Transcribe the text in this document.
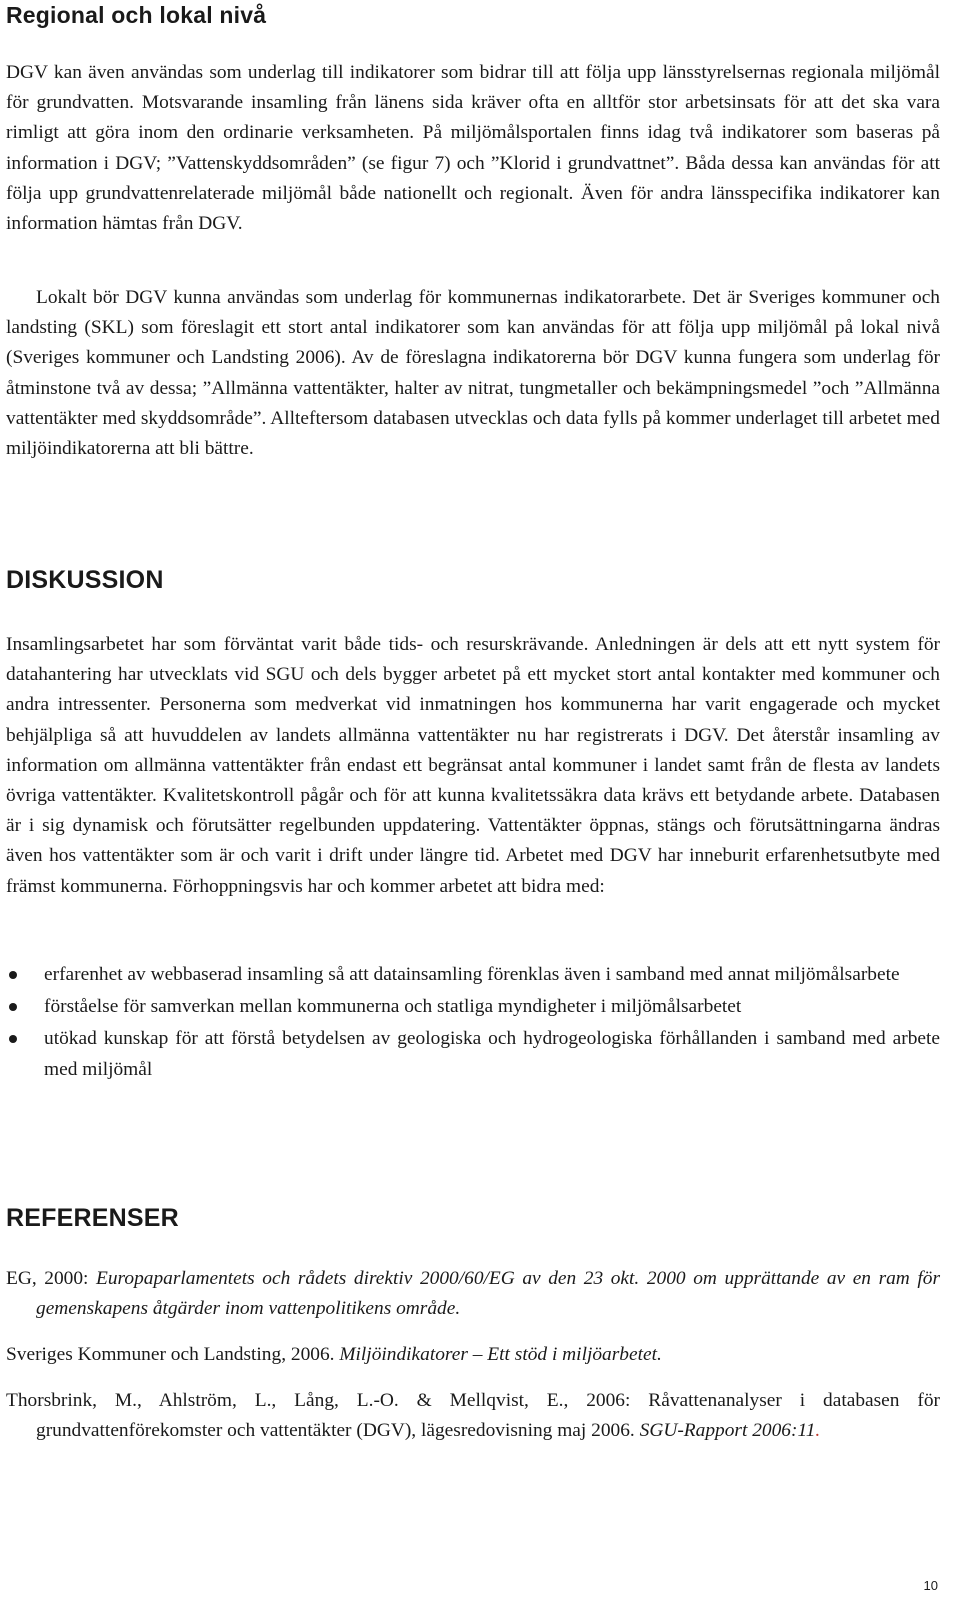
Regional och lokal nivå

DGV kan även användas som underlag till indikatorer som bidrar till att följa upp länsstyrelsernas regionala miljömål för grundvatten. Motsvarande insamling från länens sida kräver ofta en alltför stor arbetsinsats för att det ska vara rimligt att göra inom den ordinarie verksamheten. På miljömålsportalen finns idag två indikatorer som baseras på information i DGV; ”Vattenskyddsområden” (se figur 7) och ”Klorid i grundvattnet”. Båda dessa kan användas för att följa upp grundvattenrelaterade miljömål både nationellt och regionalt. Även för andra länsspecifika indikatorer kan information hämtas från DGV.

Lokalt bör DGV kunna användas som underlag för kommunernas indikatorarbete. Det är Sveriges kommuner och landsting (SKL) som föreslagit ett stort antal indikatorer som kan användas för att följa upp miljömål på lokal nivå (Sveriges kommuner och Landsting 2006). Av de föreslagna indikatorerna bör DGV kunna fungera som underlag för åtminstone två av dessa; ”Allmänna vattentäkter, halter av nitrat, tungmetaller och bekämpningsmedel ”och ”Allmänna vattentäkter med skyddsområde”. Allteftersom databasen utvecklas och data fylls på kommer underlaget till arbetet med miljöindikatorerna att bli bättre.

DISKUSSION

Insamlingsarbetet har som förväntat varit både tids- och resurskrävande. Anledningen är dels att ett nytt system för datahantering har utvecklats vid SGU och dels bygger arbetet på ett mycket stort antal kontakter med kommuner och andra intressenter. Personerna som medverkat vid inmatningen hos kommunerna har varit engagerade och mycket behjälpliga så att huvuddelen av landets allmänna vattentäkter nu har registrerats i DGV. Det återstår insamling av information om allmänna vattentäkter från endast ett begränsat antal kommuner i landet samt från de flesta av landets övriga vattentäkter. Kvalitetskontroll pågår och för att kunna kvalitetssäkra data krävs ett betydande arbete. Databasen är i sig dynamisk och förutsätter regelbunden uppdatering. Vattentäkter öppnas, stängs och förutsättningarna ändras även hos vattentäkter som är och varit i drift under längre tid. Arbetet med DGV har inneburit erfarenhetsutbyte med främst kommunerna. Förhoppningsvis har och kommer arbetet att bidra med:

erfarenhet av webbaserad insamling så att datainsamling förenklas även i samband med annat miljömålsarbete
förståelse för samverkan mellan kommunerna och statliga myndigheter i miljömålsarbetet
utökad kunskap för att förstå betydelsen av geologiska och hydrogeologiska förhållanden i samband med arbete med miljömål
REFERENSER

EG, 2000: Europaparlamentets och rådets direktiv 2000/60/EG av den 23 okt. 2000 om upprättande av en ram för gemenskapens åtgärder inom vattenpolitikens område.

Sveriges Kommuner och Landsting, 2006. Miljöindikatorer – Ett stöd i miljöarbetet.

Thorsbrink, M., Ahlström, L., Lång, L.-O. & Mellqvist, E., 2006: Råvattenanalyser i databasen för grundvattenförekomster och vattentäkter (DGV), lägesredovisning maj 2006. SGU-Rapport 2006:11.

10
